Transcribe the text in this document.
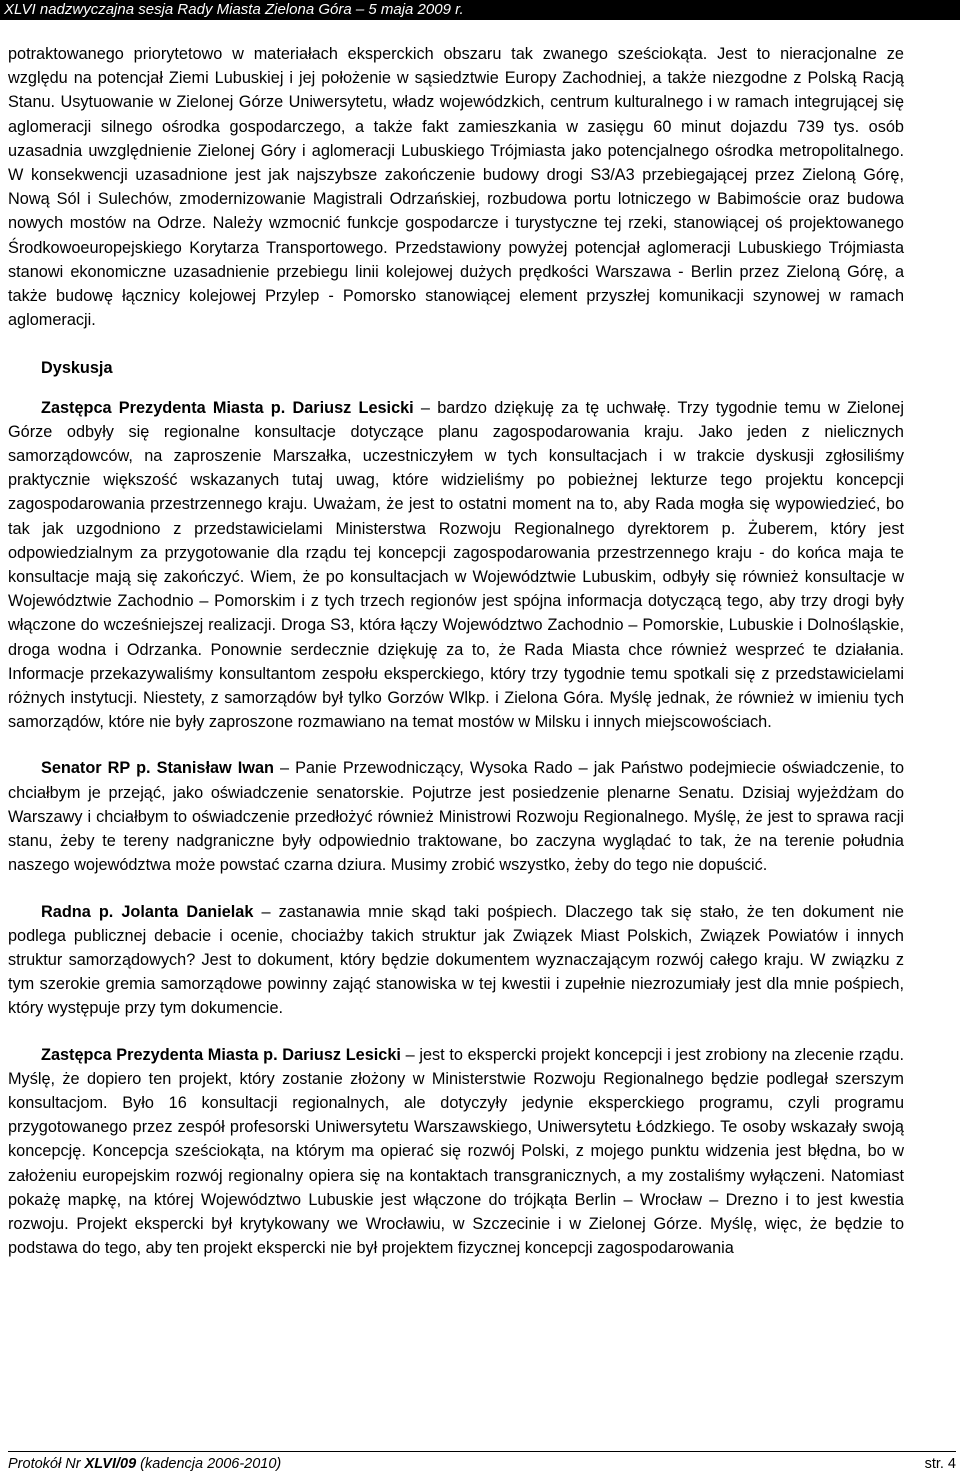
XLVI nadzwyczajna sesja Rady Miasta Zielona Góra – 5 maja 2009 r.

potraktowanego priorytetowo w materiałach eksperckich obszaru tak zwanego sześciokąta. Jest to nieracjonalne ze względu na potencjał Ziemi Lubuskiej i jej położenie w sąsiedztwie Europy Zachodniej, a także niezgodne z Polską Racją Stanu. Usytuowanie w Zielonej Górze Uniwersytetu, władz wojewódzkich, centrum kulturalnego i w ramach integrującej się aglomeracji silnego ośrodka gospodarczego, a także fakt zamieszkania w zasięgu 60 minut dojazdu 739 tys. osób uzasadnia uwzględnienie Zielonej Góry i aglomeracji Lubuskiego Trójmiasta jako potencjalnego ośrodka metropolitalnego. W konsekwencji uzasadnione jest jak najszybsze zakończenie budowy drogi S3/A3 przebiegającej przez Zieloną Górę, Nową Sól i Sulechów, zmodernizowanie Magistrali Odrzańskiej, rozbudowa portu lotniczego w Babimoście oraz budowa nowych mostów na Odrze. Należy wzmocnić funkcje gospodarcze i turystyczne tej rzeki, stanowiącej oś projektowanego Środkowoeuropejskiego Korytarza Transportowego. Przedstawiony powyżej potencjał aglomeracji Lubuskiego Trójmiasta stanowi ekonomiczne uzasadnienie przebiegu linii kolejowej dużych prędkości Warszawa - Berlin przez Zieloną Górę, a także budowę łącznicy kolejowej Przylep - Pomorsko stanowiącej element przyszłej komunikacji szynowej w ramach aglomeracji.

Dyskusja

Zastępca Prezydenta Miasta p. Dariusz Lesicki – bardzo dziękuję za tę uchwałę. Trzy tygodnie temu w Zielonej Górze odbyły się regionalne konsultacje dotyczące planu zagospodarowania kraju. Jako jeden z nielicznych samorządowców, na zaproszenie Marszałka, uczestniczyłem w tych konsultacjach i w trakcie dyskusji zgłosiliśmy praktycznie większość wskazanych tutaj uwag, które widzieliśmy po pobieżnej lekturze tego projektu koncepcji zagospodarowania przestrzennego kraju. Uważam, że jest to ostatni moment na to, aby Rada mogła się wypowiedzieć, bo tak jak uzgodniono z przedstawicielami Ministerstwa Rozwoju Regionalnego dyrektorem p. Żuberem, który jest odpowiedzialnym za przygotowanie dla rządu tej koncepcji zagospodarowania przestrzennego kraju - do końca maja te konsultacje mają się zakończyć. Wiem, że po konsultacjach w Województwie Lubuskim, odbyły się również konsultacje w Województwie Zachodnio – Pomorskim i z tych trzech regionów jest spójna informacja dotyczącą tego, aby trzy drogi były włączone do wcześniejszej realizacji. Droga S3, która łączy Województwo Zachodnio – Pomorskie, Lubuskie i Dolnośląskie, droga wodna i Odrzanka. Ponownie serdecznie dziękuję za to, że Rada Miasta chce również wesprzeć te działania. Informacje przekazywaliśmy konsultantom zespołu eksperckiego, który trzy tygodnie temu spotkali się z przedstawicielami różnych instytucji. Niestety, z samorządów był tylko Gorzów Wlkp. i Zielona Góra. Myślę jednak, że również w imieniu tych samorządów, które nie były zaproszone rozmawiano na temat mostów w Milsku i innych miejscowościach.

Senator RP p. Stanisław Iwan – Panie Przewodniczący, Wysoka Rado – jak Państwo podejmiecie oświadczenie, to chciałbym je przejąć, jako oświadczenie senatorskie. Pojutrze jest posiedzenie plenarne Senatu. Dzisiaj wyjeżdżam do Warszawy i chciałbym to oświadczenie przedłożyć również Ministrowi Rozwoju Regionalnego. Myślę, że jest to sprawa racji stanu, żeby te tereny nadgraniczne były odpowiednio traktowane, bo zaczyna wyglądać to tak, że na terenie południa naszego województwa może powstać czarna dziura. Musimy zrobić wszystko, żeby do tego nie dopuścić.

Radna p. Jolanta Danielak – zastanawia mnie skąd taki pośpiech. Dlaczego tak się stało, że ten dokument nie podlega publicznej debacie i ocenie, chociażby takich struktur jak Związek Miast Polskich, Związek Powiatów i innych struktur samorządowych? Jest to dokument, który będzie dokumentem wyznaczającym rozwój całego kraju. W związku z tym szerokie gremia samorządowe powinny zająć stanowiska w tej kwestii i zupełnie niezrozumiały jest dla mnie pośpiech, który występuje przy tym dokumencie.

Zastępca Prezydenta Miasta p. Dariusz Lesicki – jest to ekspercki projekt koncepcji i jest zrobiony na zlecenie rządu. Myślę, że dopiero ten projekt, który zostanie złożony w Ministerstwie Rozwoju Regionalnego będzie podlegał szerszym konsultacjom. Było 16 konsultacji regionalnych, ale dotyczyły jedynie eksperckiego programu, czyli programu przygotowanego przez zespół profesorski Uniwersytetu Warszawskiego, Uniwersytetu Łódzkiego. Te osoby wskazały swoją koncepcję. Koncepcja sześciokąta, na którym ma opierać się rozwój Polski, z mojego punktu widzenia jest błędna, bo w założeniu europejskim rozwój regionalny opiera się na kontaktach transgranicznych, a my zostaliśmy wyłączeni. Natomiast pokażę mapkę, na której Województwo Lubuskie jest włączone do trójkąta Berlin – Wrocław – Drezno i to jest kwestia rozwoju. Projekt ekspercki był krytykowany we Wrocławiu, w Szczecinie i w Zielonej Górze. Myślę, więc, że będzie to podstawa do tego, aby ten projekt ekspercki nie był projektem fizycznej koncepcji zagospodarowania

Protokół Nr XLVI/09 (kadencja 2006-2010)	str. 4
